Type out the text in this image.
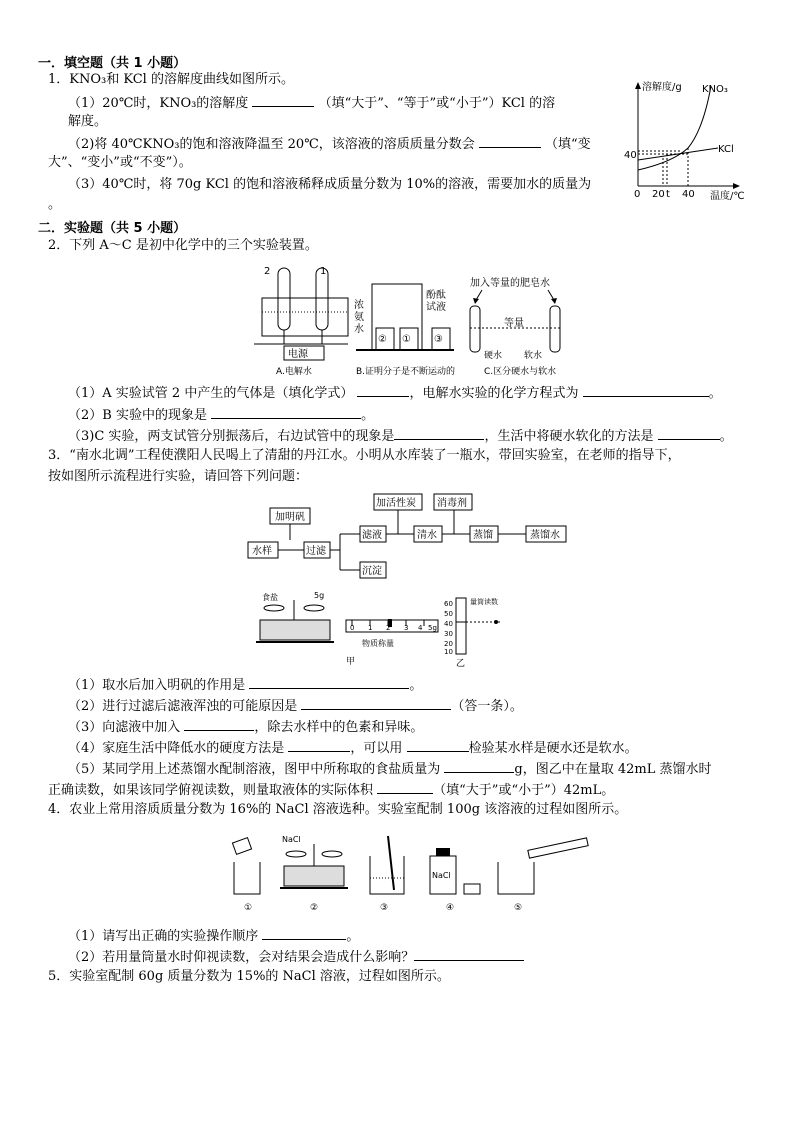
一．填空题（共 1 小题）
1．KNO₃和 KCl 的溶解度曲线如图所示。
（1）20℃时，KNO₃的溶解度	（填“大于”、“等于”或“小于”）KCl 的溶
解度。
（2)将 40℃KNO₃的饱和溶液降温至 20℃，该溶液的溶质质量分数会	（填“变
大”、“变小”或“不变”）。
（3）40℃时，将 70g KCl 的饱和溶液稀释成质量分数为 10%的溶液，需要加水的质量为
。
溶解度/g KNO₃
KCl
40
0 20 t 40 温度/℃
二．实验题（共 5 小题）
2．下列 A～C 是初中化学中的三个实验装置。
电源
2	1
A.电解水
② ① ③
浓
氨
水
酚酞
试液
B.证明分子是不断运动的
加入等量的肥皂水
等量
硬水 软水
C.区分硬水与软水
（1）A 实验试管 2 中产生的气体是（填化学式）	，电解水实验的化学方程式为	。
（2）B 实验中的现象是	。
（3)C 实验，两支试管分别振荡后，右边试管中的现象是	，生活中将硬水软化的方法是	。
3．“南水北调”工程使濮阳人民喝上了清甜的丹江水。小明从水库装了一瓶水，带回实验室，在老师的指导下，
按如图所示流程进行实验，请回答下列问题：
加明矾
水样	过滤
滤液
沉淀
加活性炭
清水
消毒剂
蒸馏	蒸馏水
食盐	5g
0 1 2 3 4 5g
物质称量
甲
60
50
40
30
20
10
量筒读数
乙
（1）取水后加入明矾的作用是	。
（2）进行过滤后滤液浑浊的可能原因是	（答一条）。
（3）向滤液中加入	，除去水样中的色素和异味。
（4）家庭生活中降低水的硬度方法是	，可以用	检验某水样是硬水还是软水。
（5）某同学用上述蒸馏水配制溶液，图甲中所称取的食盐质量为	g，图乙中在量取 42mL 蒸馏水时
正确读数，如果该同学俯视读数，则量取液体的实际体积	（填“大于”或“小于”）42mL。
4．农业上常用溶质质量分数为 16%的 NaCl 溶液选种。实验室配制 100g 该溶液的过程如图所示。
①
NaCl
②	③
NaCl
④	⑤
（1）请写出正确的实验操作顺序	。
（2）若用量筒量水时仰视读数，会对结果会造成什么影响？
5．实验室配制 60g 质量分数为 15%的 NaCl 溶液，过程如图所示。
